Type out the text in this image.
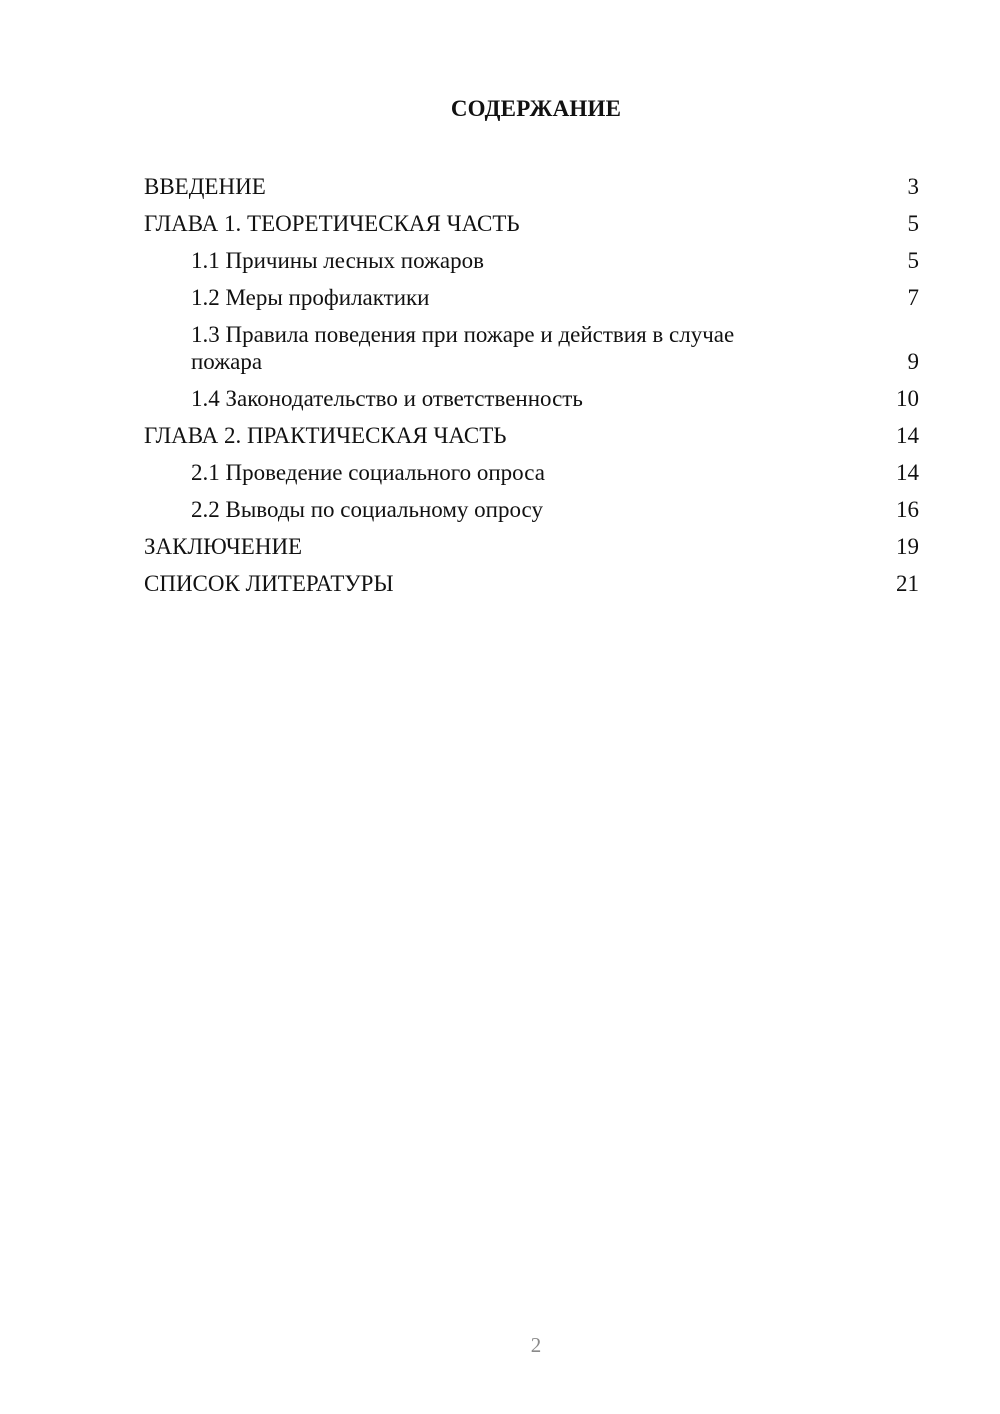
СОДЕРЖАНИЕ
ВВЕДЕНИЕ	3
ГЛАВА 1. ТЕОРЕТИЧЕСКАЯ ЧАСТЬ	5
1.1 Причины лесных пожаров	5
1.2 Меры профилактики	7
1.3 Правила поведения при пожаре и действия в случае пожара	9
1.4 Законодательство и ответственность	10
ГЛАВА 2. ПРАКТИЧЕСКАЯ ЧАСТЬ	14
2.1 Проведение социального опроса	14
2.2 Выводы по социальному опросу	16
ЗАКЛЮЧЕНИЕ	19
СПИСОК ЛИТЕРАТУРЫ	21
2
